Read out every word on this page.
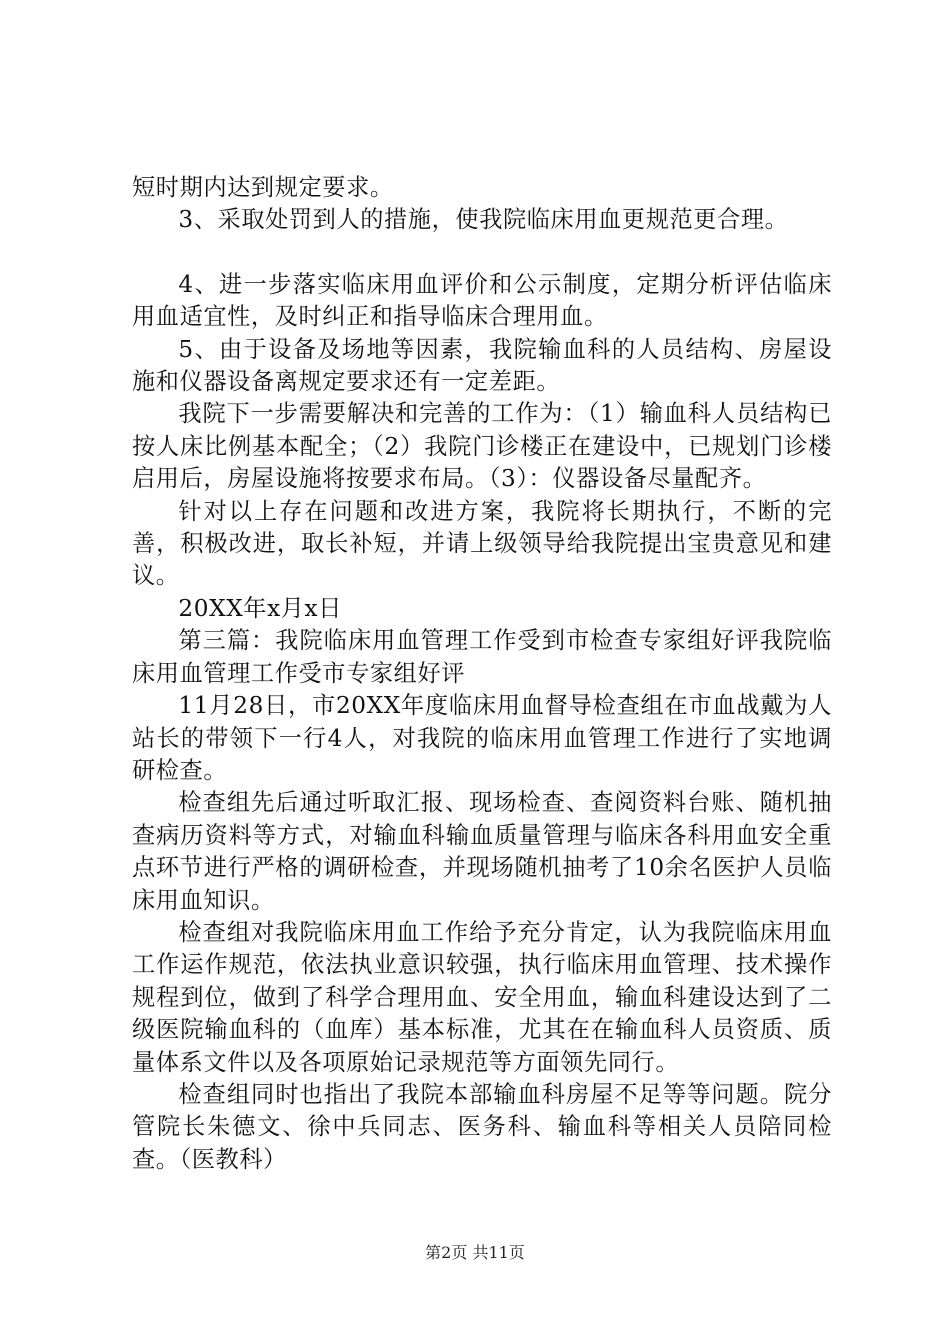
短时期内达到规定要求。

3、采取处罚到人的措施，使我院临床用血更规范更合理。

4、进一步落实临床用血评价和公示制度，定期分析评估临床用血适宜性，及时纠正和指导临床合理用血。

5、由于设备及场地等因素，我院输血科的人员结构、房屋设施和仪器设备离规定要求还有一定差距。

我院下一步需要解决和完善的工作为：（1）输血科人员结构已按人床比例基本配全；（2）我院门诊楼正在建设中，已规划门诊楼启用后，房屋设施将按要求布局。（3）：仪器设备尽量配齐。

针对以上存在问题和改进方案，我院将长期执行，不断的完善，积极改进，取长补短，并请上级领导给我院提出宝贵意见和建议。

20XX年x月x日

第三篇：我院临床用血管理工作受到市检查专家组好评我院临床用血管理工作受市专家组好评

11月28日，市20XX年度临床用血督导检查组在市血战戴为人站长的带领下一行4人，对我院的临床用血管理工作进行了实地调研检查。

检查组先后通过听取汇报、现场检查、查阅资料台账、随机抽查病历资料等方式，对输血科输血质量管理与临床各科用血安全重点环节进行严格的调研检查，并现场随机抽考了10余名医护人员临床用血知识。

检查组对我院临床用血工作给予充分肯定，认为我院临床用血工作运作规范，依法执业意识较强，执行临床用血管理、技术操作规程到位，做到了科学合理用血、安全用血，输血科建设达到了二级医院输血科的（血库）基本标准，尤其在在输血科人员资质、质量体系文件以及各项原始记录规范等方面领先同行。

检查组同时也指出了我院本部输血科房屋不足等等问题。院分管院长朱德文、徐中兵同志、医务科、输血科等相关人员陪同检查。（医教科）

第2页 共11页
